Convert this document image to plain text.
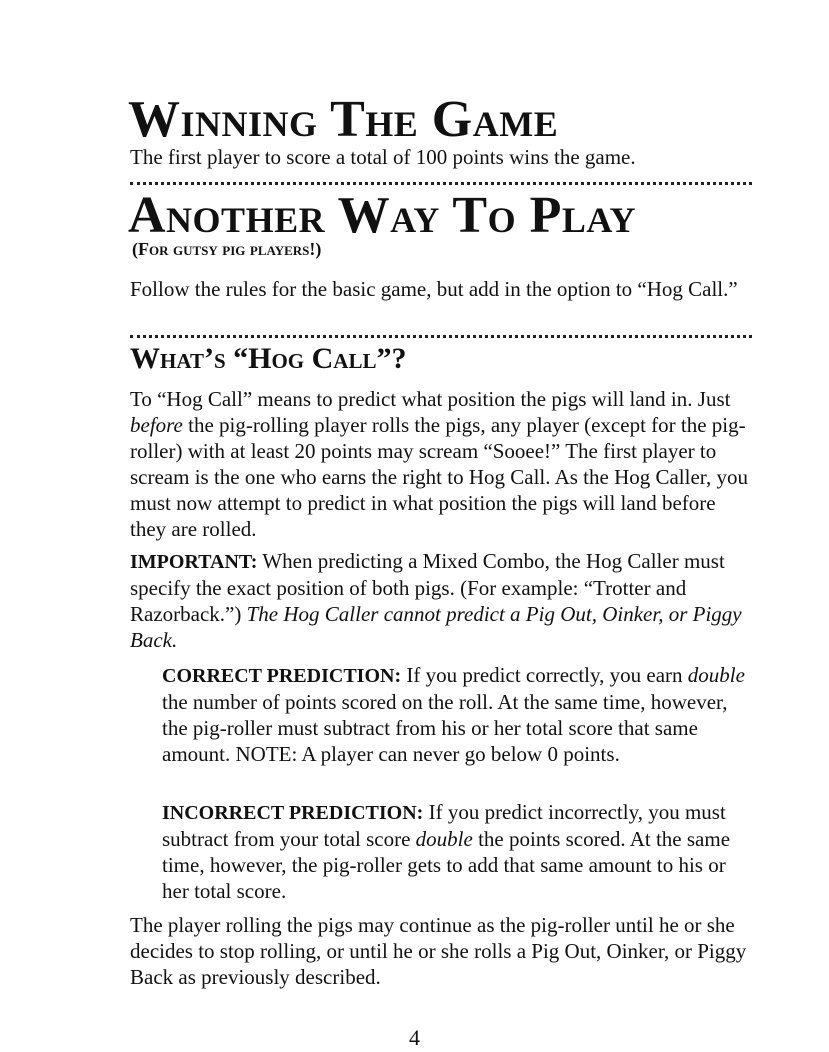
Winning The Game

The first player to score a total of 100 points wins the game.

Another Way To Play
(For gutsy pig players!)

Follow the rules for the basic game, but add in the option to “Hog Call.”

What’s “Hog Call”?

To “Hog Call” means to predict what position the pigs will land in. Just before the pig-rolling player rolls the pigs, any player (except for the pig-roller) with at least 20 points may scream “Sooee!” The first player to scream is the one who earns the right to Hog Call. As the Hog Caller, you must now attempt to predict in what position the pigs will land before they are rolled.

IMPORTANT: When predicting a Mixed Combo, the Hog Caller must specify the exact position of both pigs. (For example: “Trotter and Razorback.”) The Hog Caller cannot predict a Pig Out, Oinker, or Piggy Back.

CORRECT PREDICTION: If you predict correctly, you earn double the number of points scored on the roll. At the same time, however, the pig-roller must subtract from his or her total score that same amount. NOTE: A player can never go below 0 points.

INCORRECT PREDICTION: If you predict incorrectly, you must subtract from your total score double the points scored. At the same time, however, the pig-roller gets to add that same amount to his or her total score.

The player rolling the pigs may continue as the pig-roller until he or she decides to stop rolling, or until he or she rolls a Pig Out, Oinker, or Piggy Back as previously described.

4
